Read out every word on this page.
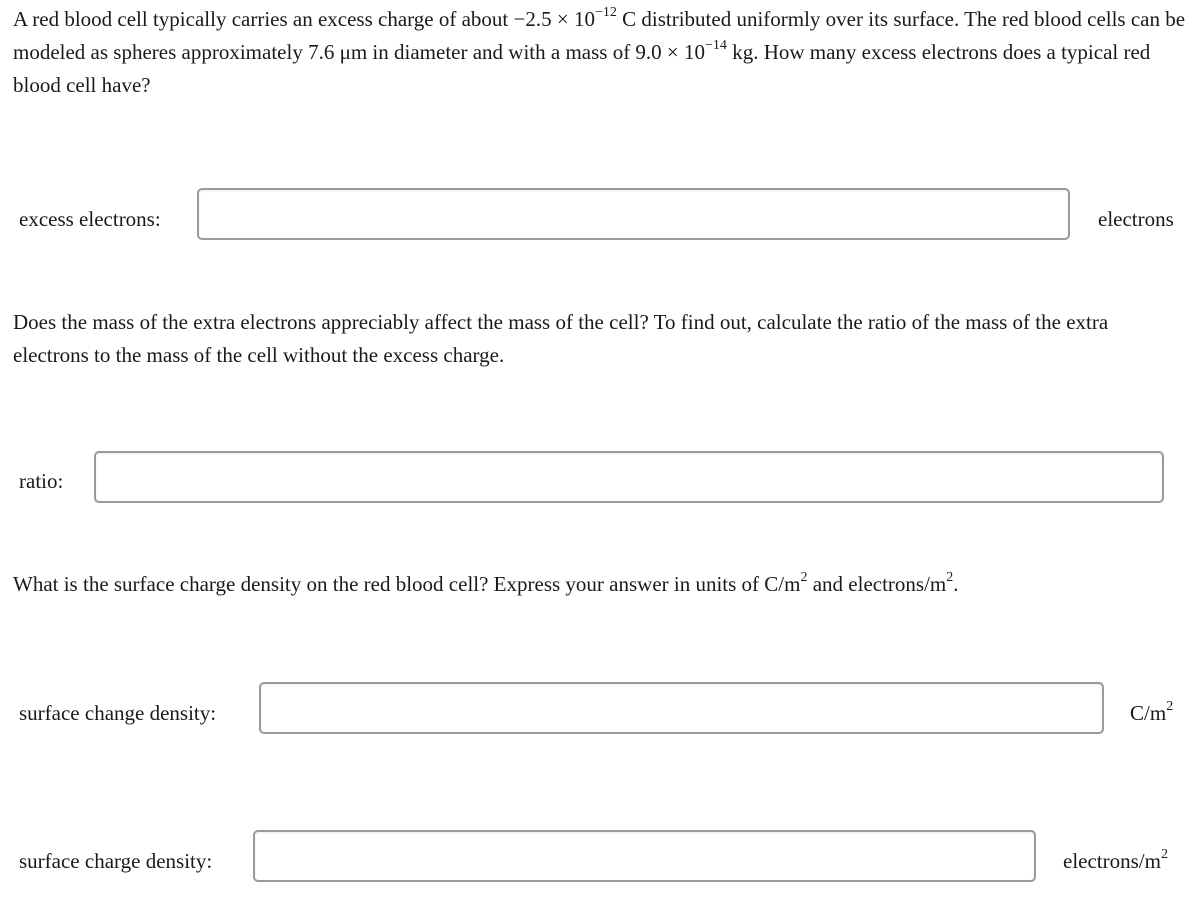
A red blood cell typically carries an excess charge of about $-2.5 \times 10^{-12}$ C distributed uniformly over its surface. The red blood cells can be modeled as spheres approximately 7.6 μm in diameter and with a mass of $9.0 \times 10^{-14}$ kg. How many excess electrons does a typical red blood cell have?

excess electrons:	electrons

Does the mass of the extra electrons appreciably affect the mass of the cell? To find out, calculate the ratio of the mass of the extra electrons to the mass of the cell without the excess charge.

ratio:

What is the surface charge density on the red blood cell? Express your answer in units of $C/m^2$ and electrons/$m^2$.

surface change density:	$C/m^2$
surface charge density:	electrons/$m^2$
